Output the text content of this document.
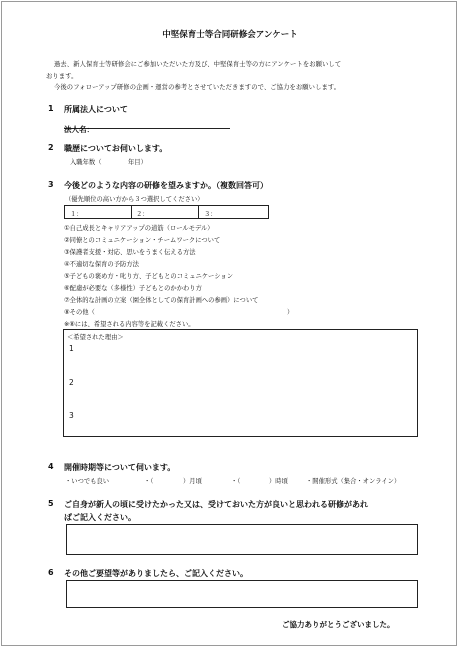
中堅保育士等合同研修会アンケート
過去、新人保育士等研修会にご参加いただいた方及び、中堅保育士等の方にアンケートをお願いして
おります。
今後のフォローアップ研修の企画・運営の参考とさせていただきますので、ご協力をお願いします。
1 所属法人について
法人名：
2 職歴についてお伺いします。
入職年数（	年目）
3 今後どのような内容の研修を望みますか。（複数回答可）
（優先順位の高い方から３つ選択してください）
１：	２：	３：
①自己成長とキャリアアップの道筋（ロールモデル）
②同僚とのコミュニケーション・チームワークについて
③保護者支援・対応、思いをうまく伝える方法
④不適切な保育の予防方法
⑤子どもの褒め方・叱り方、子どもとのコミュニケーション
⑥配慮が必要な（多様性）子どもとのかかわり方
⑦全体的な計画の立案（園全体としての保育計画への参画）について
⑧その他（	）
※⑧には、希望される内容等を記載ください。
＜希望された理由＞
1
2
3
4 開催時期等について伺います。
・いつでも良い	・（	）月頃	・（	）時頃	・開催形式（集合・オンライン）
5 ご自身が新人の頃に受けたかった又は、受けておいた方が良いと思われる研修があれ
ばご記入ください。
6 その他ご要望等がありましたら、ご記入ください。
ご協力ありがとうございました。
